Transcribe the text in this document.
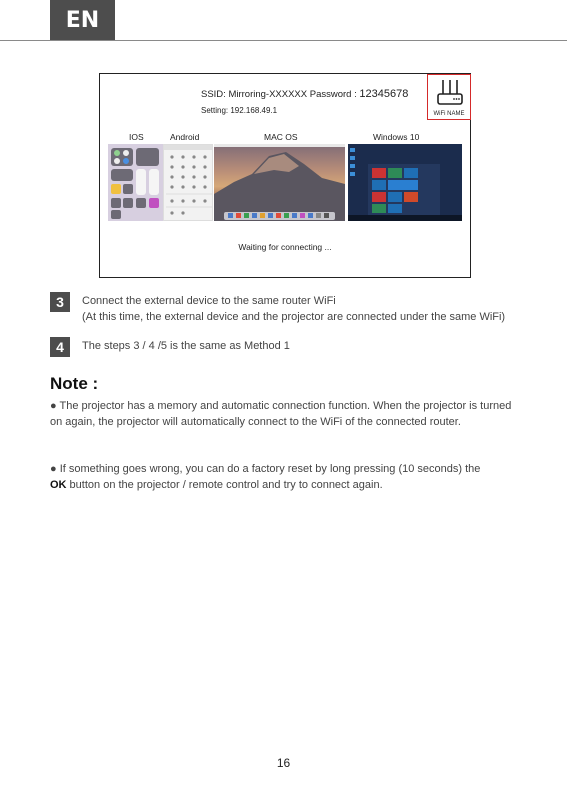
EN
SSID: Mirroring-XXXXXX Password : 12345678
Setting: 192.168.49.1	WiFi NAME
IOS	Android	MAC OS	Windows 10
Waiting for connecting ...
3	Connect the external device to the same router WiFi
(At this time, the external device and the projector are connected under the same WiFi)
4	The steps 3 / 4 /5 is the same as Method 1
Note :
● The projector has a memory and automatic connection function. When the projector is turned on again, the projector will automatically connect to the WiFi of the connected router.
● If something goes wrong, you can do a factory reset by long pressing (10 seconds) the
OK button on the projector / remote control and try to connect again.
16
